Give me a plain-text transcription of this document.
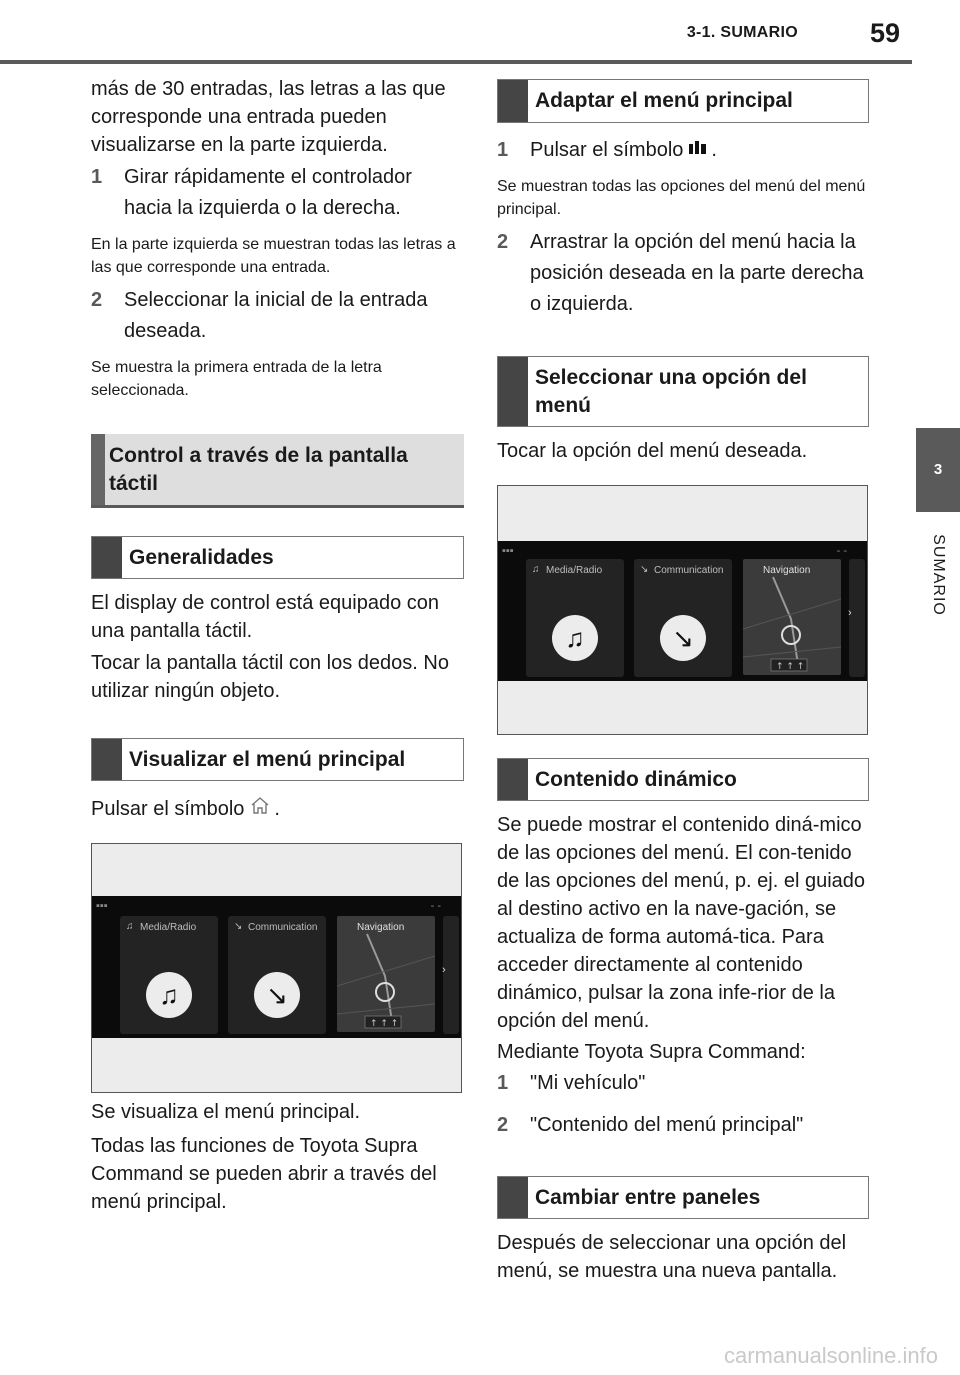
3-1. SUMARIO	59
3
SUMARIO

más de 30 entradas, las letras a las que corresponde una entrada pueden visualizarse en la parte izquierda.

1 Girar rápidamente el controlador hacia la izquierda o la derecha.

En la parte izquierda se muestran todas las letras a las que corresponde una entrada.

2 Seleccionar la inicial de la entrada deseada.

Se muestra la primera entrada de la letra seleccionada.

Control a través de la pantalla táctil
Generalidades

El display de control está equipado con una pantalla táctil.

Tocar la pantalla táctil con los dedos. No utilizar ningún objeto.

Visualizar el menú principal

Pulsar el símbolo .

▪▪▪	- -
♫ Media/Radio
♫
↘ Communication
↘
Navigation
↑ ↑ ↑
›

Se visualiza el menú principal.

Todas las funciones de Toyota Supra Command se pueden abrir a través del menú principal.

Adaptar el menú principal
1 Pulsar el símbolo .

Se muestran todas las opciones del menú del menú principal.

2 Arrastrar la opción del menú hacia la posición deseada en la parte derecha o izquierda.
Seleccionar una opción del menú

Tocar la opción del menú deseada.

▪▪▪	- -
♫ Media/Radio
♫
↘ Communication
↘
Navigation
↑ ↑ ↑
›
Contenido dinámico

Se puede mostrar el contenido diná-mico de las opciones del menú. El con-tenido de las opciones del menú, p. ej. el guiado al destino activo en la nave-gación, se actualiza de forma automá-tica. Para acceder directamente al contenido dinámico, pulsar la zona infe-rior de la opción del menú.

Mediante Toyota Supra Command:

1 "Mi vehículo"
2 "Contenido del menú principal"
Cambiar entre paneles

Después de seleccionar una opción del menú, se muestra una nueva pantalla.

carmanualsonline.info
